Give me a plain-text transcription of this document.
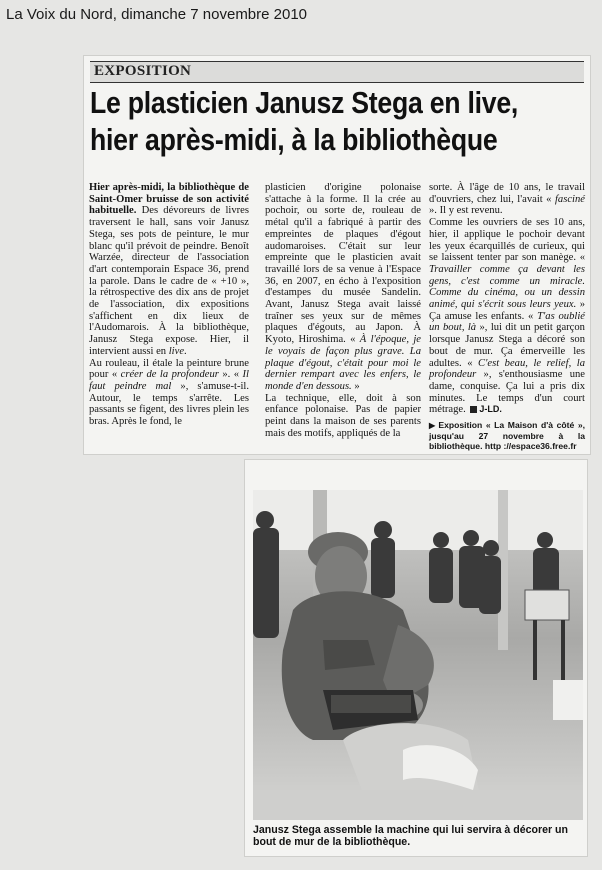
La Voix du Nord, dimanche 7 novembre 2010
EXPOSITION
Le plasticien Janusz Stega en live,
hier après-midi, à la bibliothèque

Hier après-midi, la bibliothèque de Saint-Omer bruisse de son activité habituelle. Des dévoreurs de livres traversent le hall, sans voir Janusz Stega, ses pots de peinture, le mur blanc qu'il prévoit de peindre. Benoît Warzée, directeur de l'association d'art contemporain Espace 36, prend la parole. Dans le cadre de « +10 », la rétrospective des dix ans de projet de l'association, dix expositions s'affichent en dix lieux de l'Audomarois. À la bibliothèque, Janusz Stega expose. Hier, il intervient aussi en live.

Au rouleau, il étale la peinture brune pour « créer de la profondeur ». « Il faut peindre mal », s'amuse-t-il. Autour, le temps s'arrête. Les passants se figent, des livres plein les bras. Après le fond, le

plasticien d'origine polonaise s'attache à la forme. Il la crée au pochoir, ou sorte de, rouleau de métal qu'il a fabriqué à partir des empreintes de plaques d'égout audomaroises. C'était sur leur empreinte que le plasticien avait travaillé lors de sa venue à l'Espace 36, en 2007, en écho à l'exposition d'estampes du musée Sandelin. Avant, Janusz Stega avait laissé traîner ses yeux sur de mêmes plaques d'égouts, au Japon. À Kyoto, Hiroshima. « À l'époque, je le voyais de façon plus grave. La plaque d'égout, c'était pour moi le dernier rempart avec les enfers, le monde d'en dessous. »

La technique, elle, doit à son enfance polonaise. Pas de papier peint dans la maison de ses parents mais des motifs, appliqués de la

sorte. À l'âge de 10 ans, le travail d'ouvriers, chez lui, l'avait « fasciné ». Il y est revenu.

Comme les ouvriers de ses 10 ans, hier, il applique le pochoir devant les yeux écarquillés de curieux, qui se laissent tenter par son manège. « Travailler comme ça devant les gens, c'est comme un miracle. Comme du cinéma, ou un dessin animé, qui s'écrit sous leurs yeux. » Ça amuse les enfants. « T'as oublié un bout, là », lui dit un petit garçon lorsque Janusz Stega a décoré son bout de mur. Ça émerveille les adultes. « C'est beau, le relief, la profondeur », s'enthousiasme une dame, conquise. Ça lui a pris dix minutes. Le temps d'un court métrage. J-LD.

▶ Exposition « La Maison d'à côté », jusqu'au 27 novembre à la bibliothèque. http ://espace36.free.fr
Janusz Stega assemble la machine qui lui servira à décorer un bout de mur de la bibliothèque.
